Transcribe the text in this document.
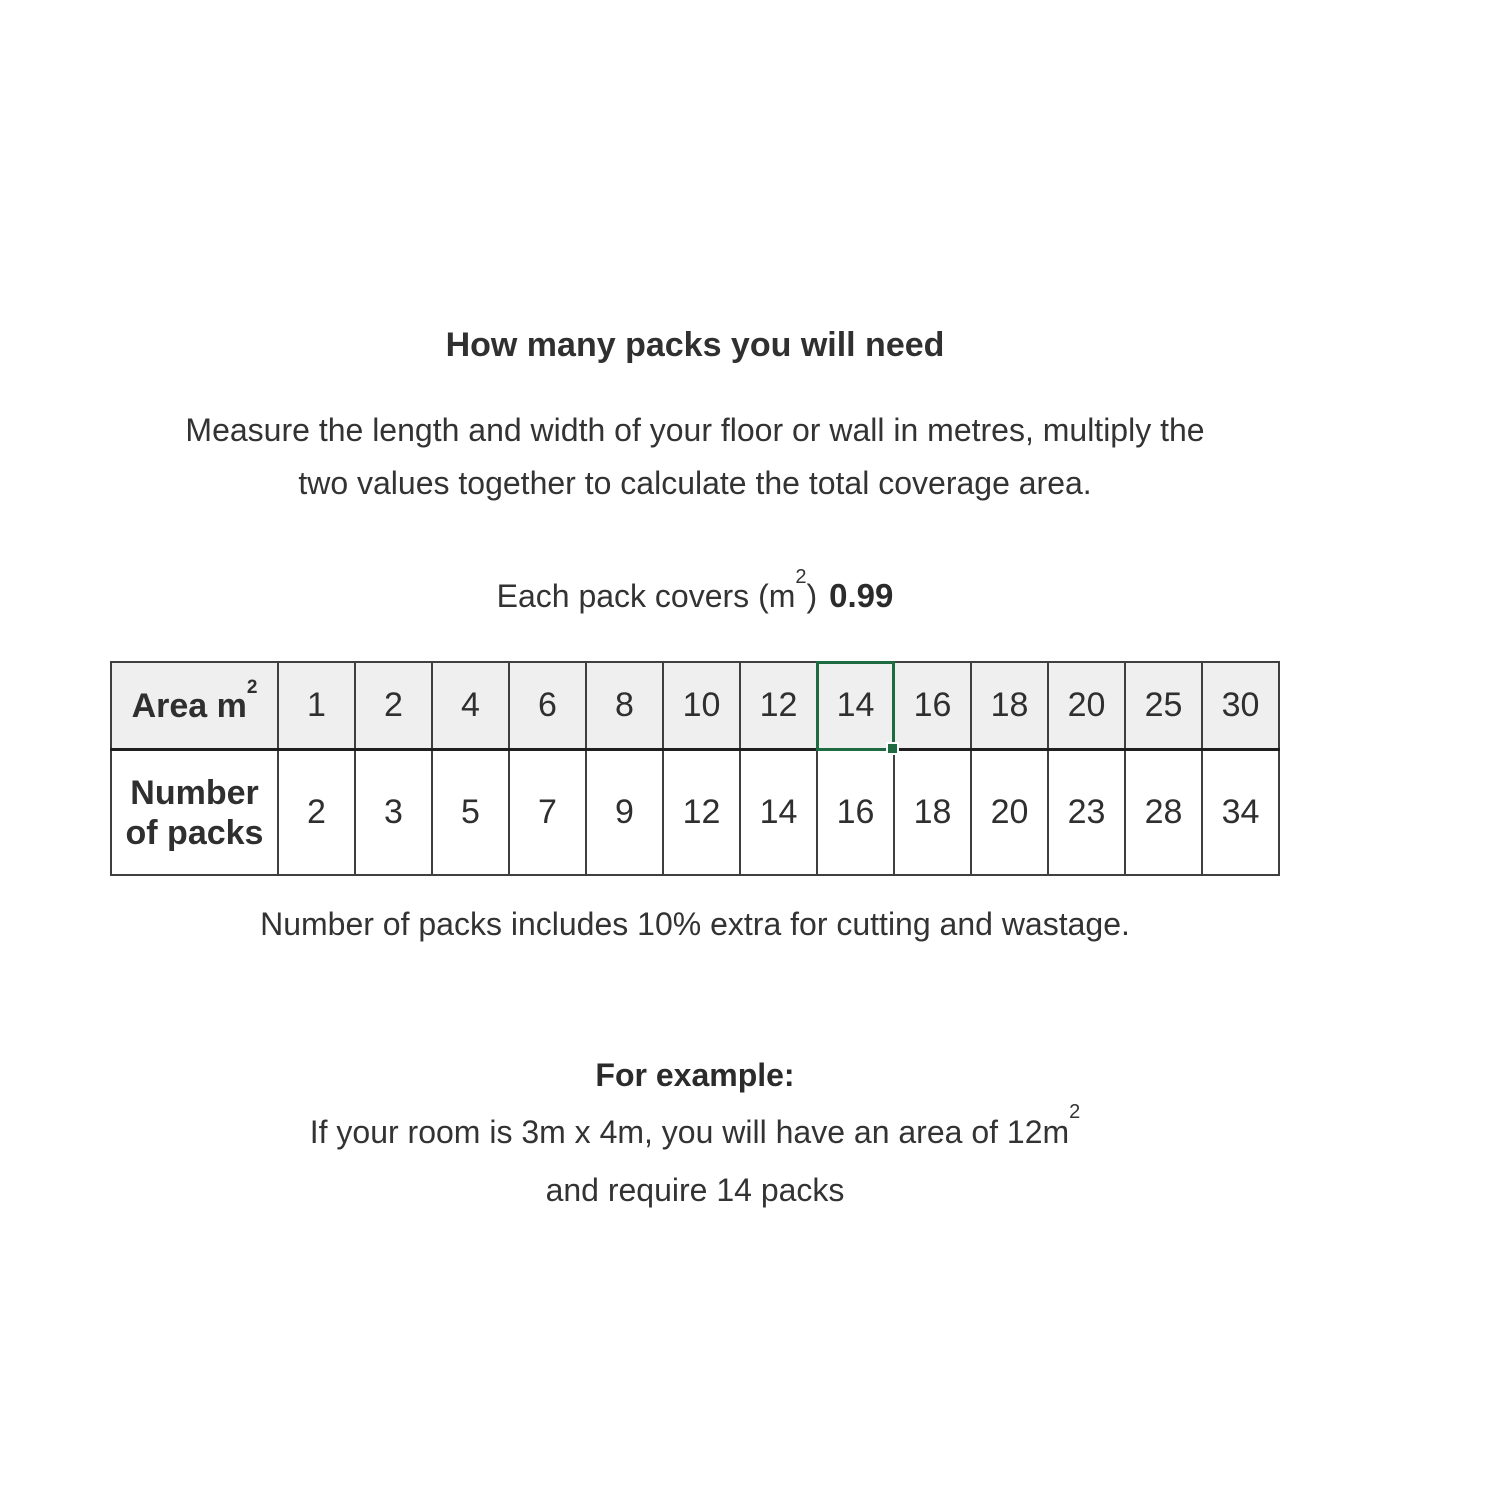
How many packs you will need
Measure the length and width of your floor or wall in metres, multiply the
two values together to calculate the total coverage area.
Each pack covers $(m^2)$ 0.99
Area $m^2$	1	2	4	6	8	10	12	14	16	18	20	25	30
Number of packs	2	3	5	7	9	12	14	16	18	20	23	28	34

Number of packs includes 10% extra for cutting and wastage.

For example:

If your room is 3m x 4m, you will have an area of $12m^2$

and require 14 packs
